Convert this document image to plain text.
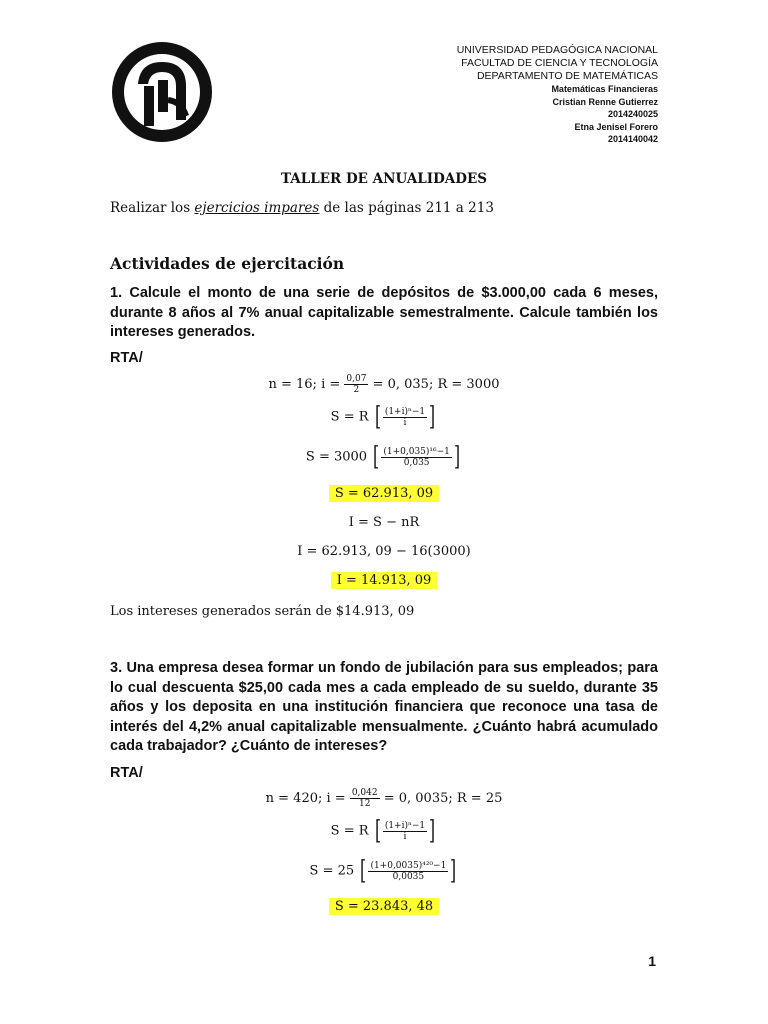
UNIVERSIDAD PEDAGÓGICA NACIONAL
FACULTAD DE CIENCIA Y TECNOLOGÍA
DEPARTAMENTO DE MATEMÁTICAS
Matemáticas Financieras
Cristian Renne Gutierrez
2014240025
Etna Jenisel Forero
2014140042
TALLER DE ANUALIDADES
Realizar los ejercicios impares de las páginas 211 a 213
Actividades de ejercitación
1. Calcule el monto de una serie de depósitos de $3.000,00 cada 6 meses, durante 8 años al 7% anual capitalizable semestralmente. Calcule también los intereses generados.
RTA/
n = 16; $i = \frac{0,07}{2} = 0$, 035; R = 3000
S = R [ $\frac{\text{(1+i)ⁿ−1}}{i}$ ]
S = 3000 [ $\frac{\text{(1+0,035)¹⁶−1}}{0,035}$ ]
S = 62.913, 09
I = S − nR
I = 62.913, 09 − 16(3000)
I = 14.913, 09
Los intereses generados serán de $14.913, 09
3. Una empresa desea formar un fondo de jubilación para sus empleados; para lo cual descuenta $25,00 cada mes a cada empleado de su sueldo, durante 35 años y los deposita en una institución financiera que reconoce una tasa de interés del 4,2% anual capitalizable mensualmente. ¿Cuánto habrá acumulado cada trabajador? ¿Cuánto de intereses?
RTA/
n = 420; $i = \frac{0,042}{12} = 0$, 0035; R = 25
S = R [ $\frac{\text{(1+i)ⁿ−1}}{i}$ ]
S = 25 [ $\frac{\text{(1+0,0035)⁴²⁰−1}}{0,0035}$ ]
S = 23.843, 48
1
